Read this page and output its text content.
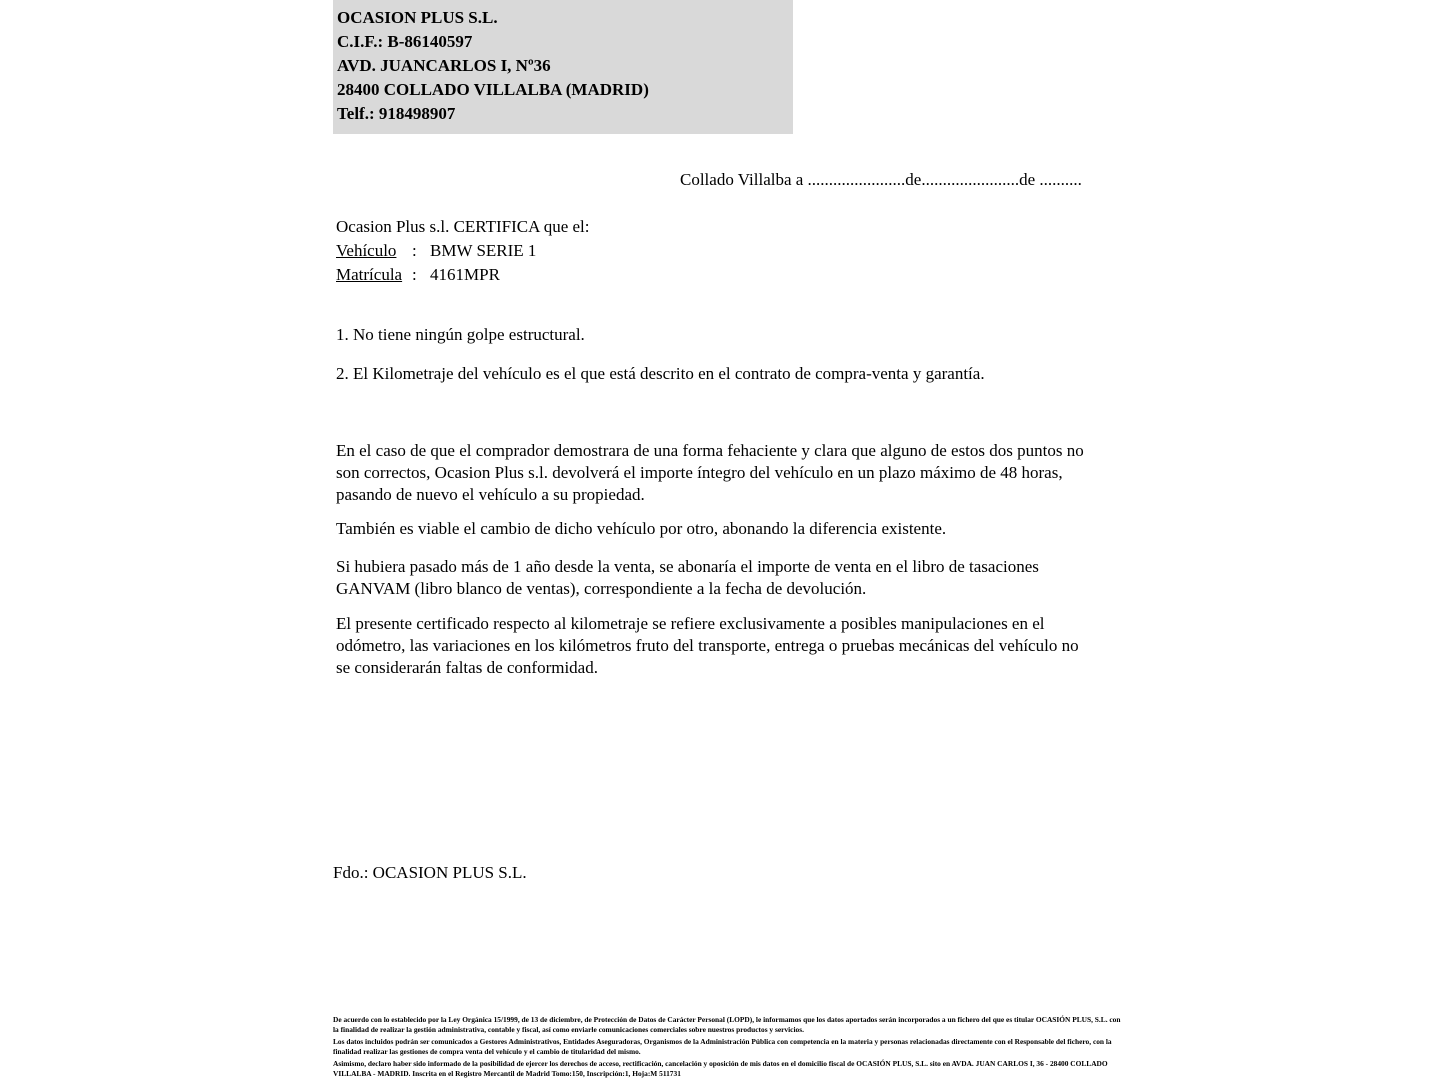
OCASION PLUS S.L.
C.I.F.: B-86140597
AVD. JUANCARLOS I, Nº36
28400 COLLADO VILLALBA (MADRID)
Telf.: 918498907
Collado Villalba a .......................de.......................de ..........
Ocasion Plus s.l. CERTIFICA que el:
Vehículo : BMW SERIE 1
Matrícula : 4161MPR
1. No tiene ningún golpe estructural.
2. El Kilometraje del vehículo es el que está descrito en el contrato de compra-venta y garantía.
En el caso de que el comprador demostrara de una forma fehaciente y clara que alguno de estos dos puntos no son correctos, Ocasion Plus s.l. devolverá el importe íntegro del vehículo en un plazo máximo de 48 horas, pasando de nuevo el vehículo a su propiedad.
También es viable el cambio de dicho vehículo por otro, abonando la diferencia existente.
Si hubiera pasado más de 1 año desde la venta, se abonaría el importe de venta en el libro de tasaciones GANVAM (libro blanco de ventas), correspondiente a la fecha de devolución.
El presente certificado respecto al kilometraje se refiere exclusivamente a posibles manipulaciones en el odómetro, las variaciones en los kilómetros fruto del transporte, entrega o pruebas mecánicas del vehículo no se considerarán faltas de conformidad.
Fdo.: OCASION PLUS S.L.

De acuerdo con lo establecido por la Ley Orgánica 15/1999, de 13 de diciembre, de Protección de Datos de Carácter Personal (LOPD), le informamos que los datos aportados serán incorporados a un fichero del que es titular OCASIÓN PLUS, S.L. con la finalidad de realizar la gestión administrativa, contable y fiscal, así como enviarle comunicaciones comerciales sobre nuestros productos y servicios.

Los datos incluidos podrán ser comunicados a Gestores Administrativos, Entidades Aseguradoras, Organismos de la Administración Pública con competencia en la materia y personas relacionadas directamente con el Responsable del fichero, con la finalidad realizar las gestiones de compra venta del vehículo y el cambio de titularidad del mismo.

Asimismo, declaro haber sido informado de la posibilidad de ejercer los derechos de acceso, rectificación, cancelación y oposición de mis datos en el domicilio fiscal de OCASIÓN PLUS, S.L. sito en AVDA. JUAN CARLOS I, 36 - 28400 COLLADO VILLALBA - MADRID. Inscrita en el Registro Mercantil de Madrid Tomo:150, Inscripción:1, Hoja:M 511731
